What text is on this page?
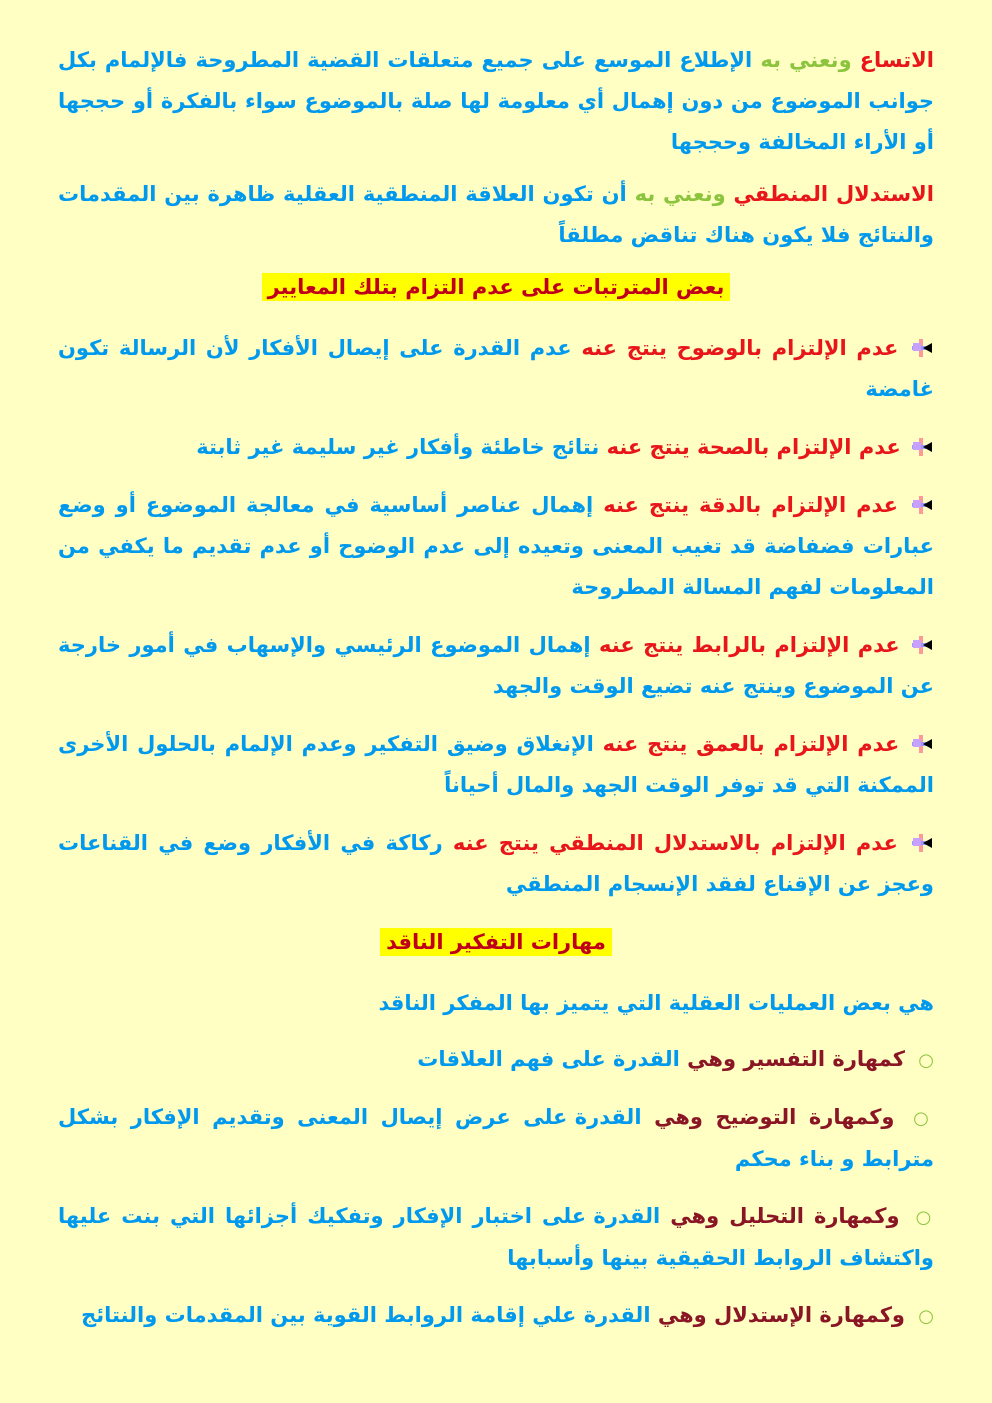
الاتساع ونعني به الإطلاع الموسع على جميع متعلقات القضية المطروحة فالإلمام بكل جوانب الموضوع من دون إهمال أي معلومة لها صلة بالموضوع سواء بالفكرة أو حججها أو الأراء المخالفة وحججها

الاستدلال المنطقي ونعني به أن تكون العلاقة المنطقية العقلية ظاهرة بين المقدمات والنتائج فلا يكون هناك تناقض مطلقاً

بعض المترتبات على عدم التزام بتلك المعايير

عدم الإلتزام بالوضوح ينتج عنه عدم القدرة على إيصال الأفكار لأن الرسالة تكون غامضة

عدم الإلتزام بالصحة ينتج عنه نتائج خاطئة وأفكار غير سليمة غير ثابتة

عدم الإلتزام بالدقة ينتج عنه إهمال عناصر أساسية في معالجة الموضوع أو وضع عبارات فضفاضة قد تغيب المعنى وتعيده إلى عدم الوضوح أو عدم تقديم ما يكفي من المعلومات لفهم المسالة المطروحة

عدم الإلتزام بالرابط ينتج عنه إهمال الموضوع الرئيسي والإسهاب في أمور خارجة عن الموضوع وينتج عنه تضيع الوقت والجهد

عدم الإلتزام بالعمق ينتج عنه الإنغلاق وضيق التفكير وعدم الإلمام بالحلول الأخرى الممكنة التي قد توفر الوقت الجهد والمال أحياناً

عدم الإلتزام بالاستدلال المنطقي ينتج عنه ركاكة في الأفكار وضع في القناعات وعجز عن الإقناع لفقد الإنسجام المنطقي

مهارات التفكير الناقد

هي بعض العمليات العقلية التي يتميز بها المفكر الناقد

○ كمهارة التفسير وهي القدرة على فهم العلاقات

○ وكمهارة التوضيح وهي القدرة على عرض إيصال المعنى وتقديم الإفكار بشكل مترابط و بناء محكم

○ وكمهارة التحليل وهي القدرة على اختبار الإفكار وتفكيك أجزائها التي بنت عليها واكتشاف الروابط الحقيقية بينها وأسبابها

○ وكمهارة الإستدلال وهي القدرة علي إقامة الروابط القوية بين المقدمات والنتائج
